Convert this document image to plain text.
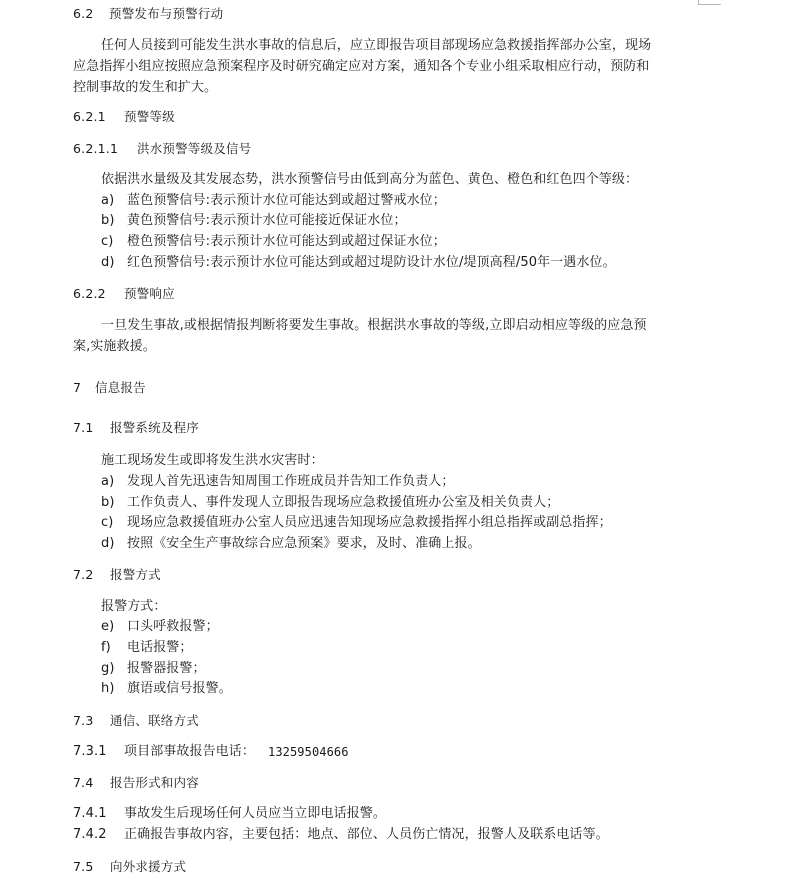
6.2 预警发布与预警行动
任何人员接到可能发生洪水事故的信息后，应立即报告项目部现场应急救援指挥部办公室，现场
应急指挥小组应按照应急预案程序及时研究确定应对方案，通知各个专业小组采取相应行动，预防和
控制事故的发生和扩大。
6.2.1 预警等级
6.2.1.1 洪水预警等级及信号
依据洪水量级及其发展态势，洪水预警信号由低到高分为蓝色、黄色、橙色和红色四个等级：
a) 蓝色预警信号:表示预计水位可能达到或超过警戒水位；
b) 黄色预警信号:表示预计水位可能接近保证水位；
c) 橙色预警信号:表示预计水位可能达到或超过保证水位；
d) 红色预警信号:表示预计水位可能达到或超过堤防设计水位/堤顶高程/50年一遇水位。
6.2.2 预警响应
一旦发生事故,或根据情报判断将要发生事故。根据洪水事故的等级,立即启动相应等级的应急预
案,实施救援。
7 信息报告
7.1 报警系统及程序
施工现场发生或即将发生洪水灾害时：
a) 发现人首先迅速告知周围工作班成员并告知工作负责人；
b) 工作负责人、事件发现人立即报告现场应急救援值班办公室及相关负责人；
c) 现场应急救援值班办公室人员应迅速告知现场应急救援指挥小组总指挥或副总指挥；
d) 按照《安全生产事故综合应急预案》要求，及时、准确上报。
7.2 报警方式
报警方式：
e) 口头呼救报警；
f) 电话报警；
g) 报警器报警；
h) 旗语或信号报警。
7.3 通信、联络方式
7.3.1 项目部事故报告电话： 13259504666
7.4 报告形式和内容
7.4.1 事故发生后现场任何人员应当立即电话报警。
7.4.2 正确报告事故内容，主要包括：地点、部位、人员伤亡情况，报警人及联系电话等。
7.5 向外求援方式
